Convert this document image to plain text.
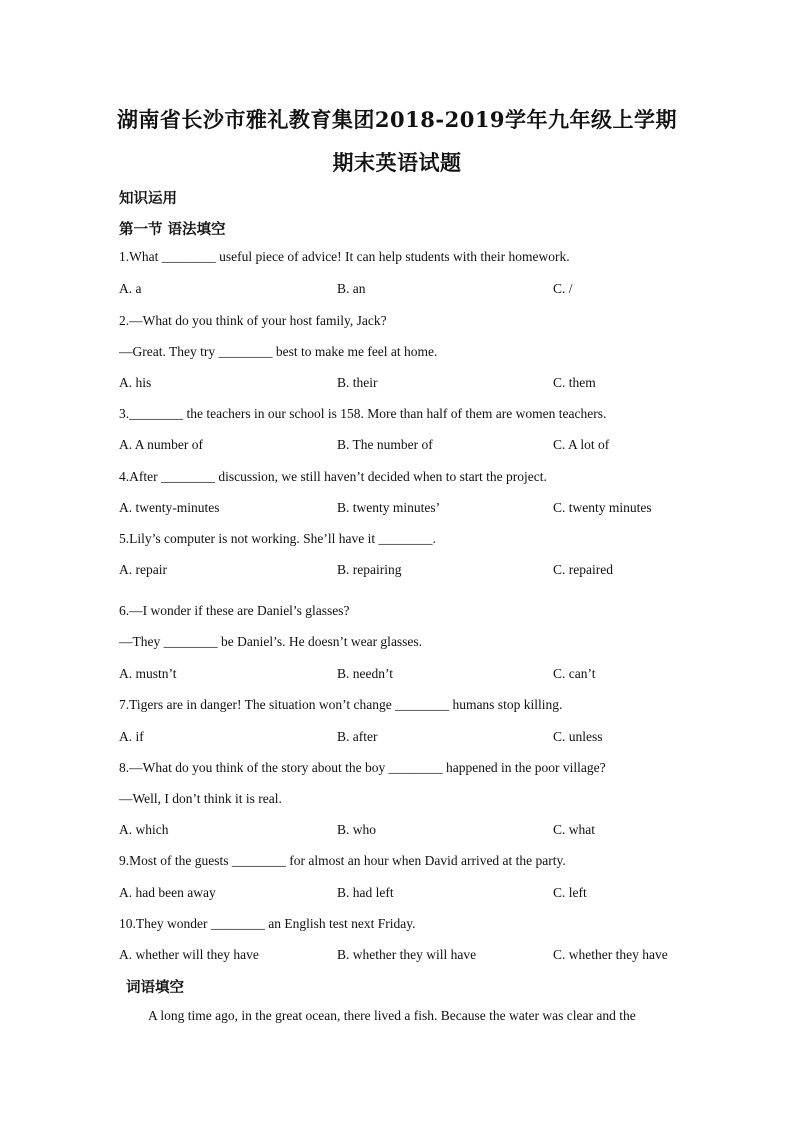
湖南省长沙市雅礼教育集团2018-2019学年九年级上学期
期末英语试题
知识运用
第一节 语法填空
1.What ________ useful piece of advice! It can help students with their homework.
A. a	B. an	C. /
2.—What do you think of your host family, Jack?
—Great. They try ________ best to make me feel at home.
A. his	B. their	C. them
3.________ the teachers in our school is 158. More than half of them are women teachers.
A. A number of	B. The number of	C. A lot of
4.After ________ discussion, we still haven’t decided when to start the project.
A. twenty-minutes	B. twenty minutes’	C. twenty minutes
5.Lily’s computer is not working. She’ll have it ________.
A. repair	B. repairing	C. repaired
6.—I wonder if these are Daniel’s glasses?
—They ________ be Daniel’s. He doesn’t wear glasses.
A. mustn’t	B. needn’t	C. can’t
7.Tigers are in danger! The situation won’t change ________ humans stop killing.
A. if	B. after	C. unless
8.—What do you think of the story about the boy ________ happened in the poor village?
—Well, I don’t think it is real.
A. which	B. who	C. what
9.Most of the guests ________ for almost an hour when David arrived at the party.
A. had been away	B. had left	C. left
10.They wonder ________ an English test next Friday.
A. whether will they have	B. whether they will have	C. whether they have
词语填空
A long time ago, in the great ocean, there lived a fish. Because the water was clear and the
